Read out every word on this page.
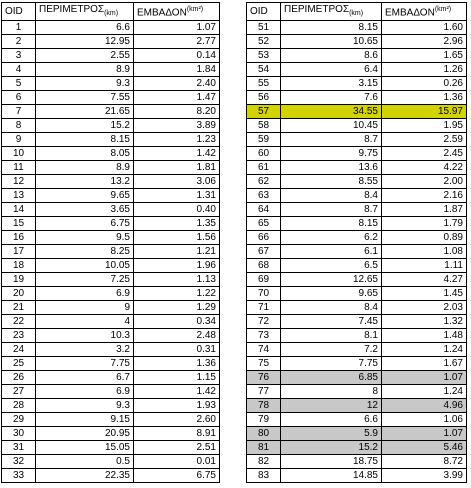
OID	$\Pi EPIMETPO\Sigma_{(km)}$	$EMBA\Delta ON^{(km^2)}$
1	6.6	1.07
2	12.95	2.77
3	2.55	0.14
4	8.9	1.84
5	9.3	2.40
6	7.55	1.47
7	21.65	8.20
8	15.2	3.89
9	8.15	1.23
10	8.05	1.42
11	8.9	1.81
12	13.2	3.06
13	9.65	1.31
14	3.65	0.40
15	6.75	1.35
16	9.5	1.56
17	8.25	1.21
18	10.05	1.96
19	7.25	1.13
20	6.9	1.22
21	9	1.29
22	4	0.34
23	10.3	2.48
24	3.2	0.31
25	7.75	1.36
26	6.7	1.15
27	6.9	1.42
28	9.3	1.93
29	9.15	2.60
30	20.95	8.91
31	15.05	2.51
32	0.5	0.01
33	22.35	6.75
OID	$\Pi EPIMETPO\Sigma_{(km)}$	$EMBA\Delta ON^{(km^2)}$
51	8.15	1.60
52	10.65	2.96
53	8.6	1.65
54	6.4	1.26
55	3.15	0.26
56	7.6	1.36
57	34.55	15.97
58	10.45	1.95
59	8.7	2.59
60	9.75	2.45
61	13.6	4.22
62	8.55	2.00
63	8.4	2.16
64	8.7	1.87
65	8.15	1.79
66	6.2	0.89
67	6.1	1.08
68	6.5	1.11
69	12.65	4.27
70	9.65	1.45
71	8.4	2.03
72	7.45	1.32
73	8.1	1.48
74	7.2	1.24
75	7.75	1.67
76	6.85	1.07
77	8	1.24
78	12	4.96
79	6.6	1.06
80	5.9	1.07
81	15.2	5.46
82	18.75	8.72
83	14.85	3.99
